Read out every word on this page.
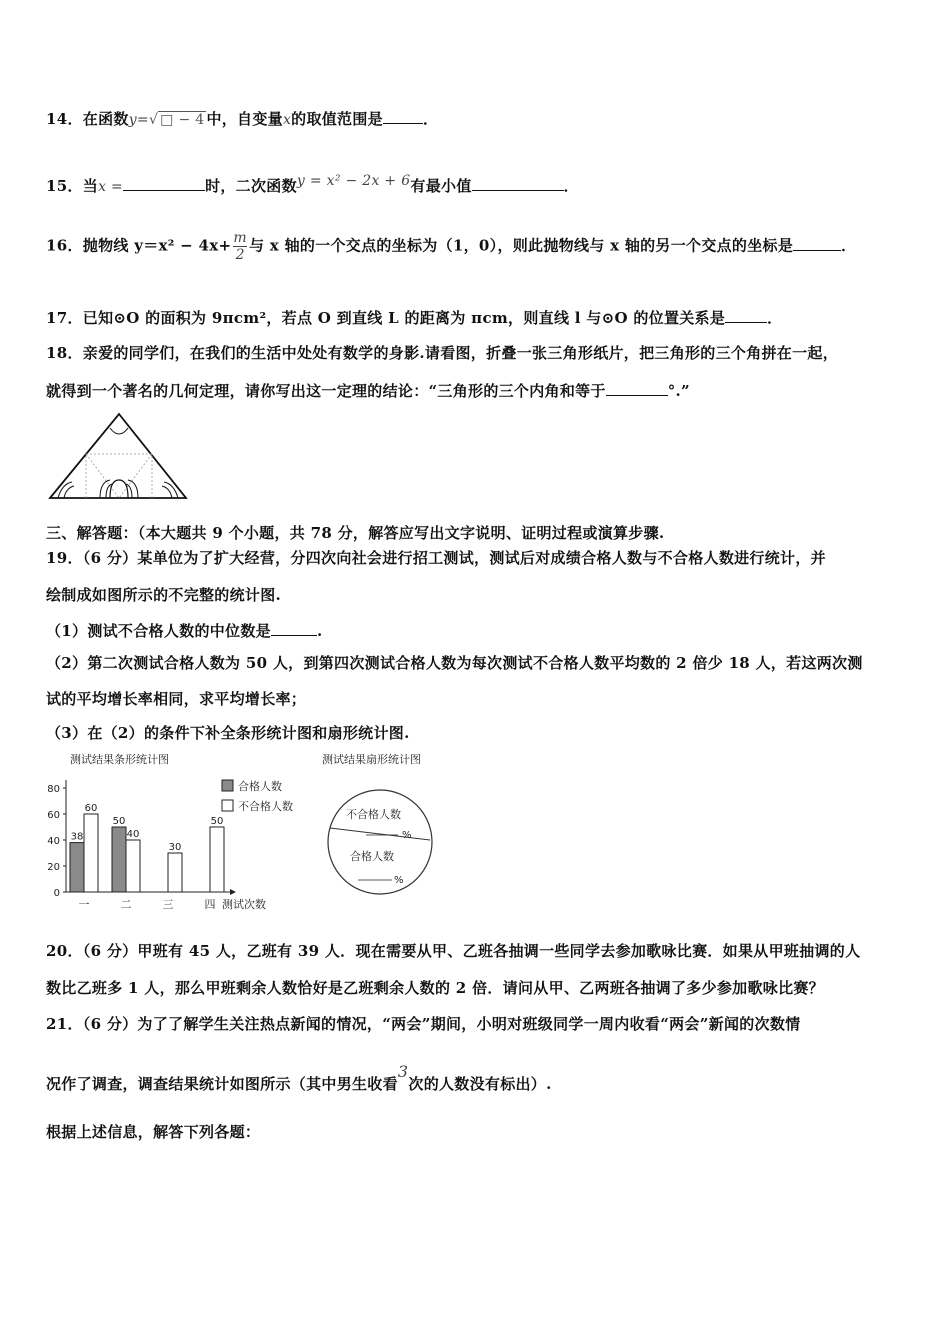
14．在函数y=√ □ − 4 中，自变量x的取值范围是	．
15．当x =	时，二次函数y = x² − 2x + 6有最小值	．
16．抛物线 $y=x^2 - 4x+ \frac{m}{2}$ 与 x 轴的一个交点的坐标为（1，0），则此抛物线与 x 轴的另一个交点的坐标是	．
17．已知⊙O 的面积为 9πcm²，若点 O 到直线 L 的距离为 πcm，则直线 l 与⊙O 的位置关系是	．
18．亲爱的同学们，在我们的生活中处处有数学的身影.请看图，折叠一张三角形纸片，把三角形的三个角拼在一起，
就得到一个著名的几何定理，请你写出这一定理的结论：“三角形的三个内角和等于	°.”
三、解答题：（本大题共 9 个小题，共 78 分，解答应写出文字说明、证明过程或演算步骤.
19．（6 分）某单位为了扩大经营，分四次向社会进行招工测试，测试后对成绩合格人数与不合格人数进行统计，并
绘制成如图所示的不完整的统计图.
（1）测试不合格人数的中位数是	.
（2）第二次测试合格人数为 50 人，到第四次测试合格人数为每次测试不合格人数平均数的 2 倍少 18 人，若这两次测
试的平均增长率相同，求平均增长率；
（3）在（2）的条件下补全条形统计图和扇形统计图.
测试结果条形统计图
0
20
40
60
80
测试次数
38
60
一
50
40
二
30
三
50
四
合格人数
不合格人数
测试结果扇形统计图
不合格人数
%
合格人数
%
20．（6 分）甲班有 45 人，乙班有 39 人．现在需要从甲、乙班各抽调一些同学去参加歌咏比赛．如果从甲班抽调的人
数比乙班多 1 人，那么甲班剩余人数恰好是乙班剩余人数的 2 倍．请问从甲、乙两班各抽调了多少参加歌咏比赛？
21．（6 分）为了了解学生关注热点新闻的情况，“两会”期间，小明对班级同学一周内收看“两会”新闻的次数情
况作了调查，调查结果统计如图所示（其中男生收看3次的人数没有标出）.
根据上述信息，解答下列各题：
